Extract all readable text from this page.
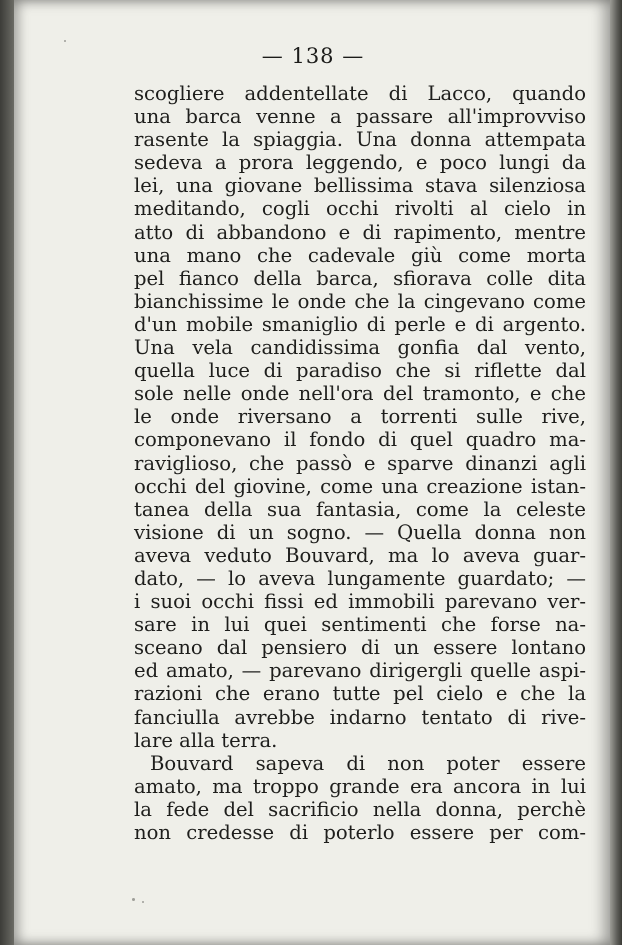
— 138 —
scogliere addentellate di Lacco, quando
una barca venne a passare all'improvviso
rasente la spiaggia. Una donna attempata
sedeva a prora leggendo, e poco lungi da
lei, una giovane bellissima stava silenziosa
meditando, cogli occhi rivolti al cielo in
atto di abbandono e di rapimento, mentre
una mano che cadevale giù come morta
pel fianco della barca, sfiorava colle dita
bianchissime le onde che la cingevano come
d'un mobile smaniglio di perle e di argento.
Una vela candidissima gonfia dal vento,
quella luce di paradiso che si riflette dal
sole nelle onde nell'ora del tramonto, e che
le onde riversano a torrenti sulle rive,
componevano il fondo di quel quadro ma-
raviglioso, che passò e sparve dinanzi agli
occhi del giovine, come una creazione istan-
tanea della sua fantasia, come la celeste
visione di un sogno. — Quella donna non
aveva veduto Bouvard, ma lo aveva guar-
dato, — lo aveva lungamente guardato; —
i suoi occhi fissi ed immobili parevano ver-
sare in lui quei sentimenti che forse na-
sceano dal pensiero di un essere lontano
ed amato, — parevano dirigergli quelle aspi-
razioni che erano tutte pel cielo e che la
fanciulla avrebbe indarno tentato di rive-
lare alla terra.
Bouvard sapeva di non poter essere
amato, ma troppo grande era ancora in lui
la fede del sacrificio nella donna, perchè
non credesse di poterlo essere per com-
